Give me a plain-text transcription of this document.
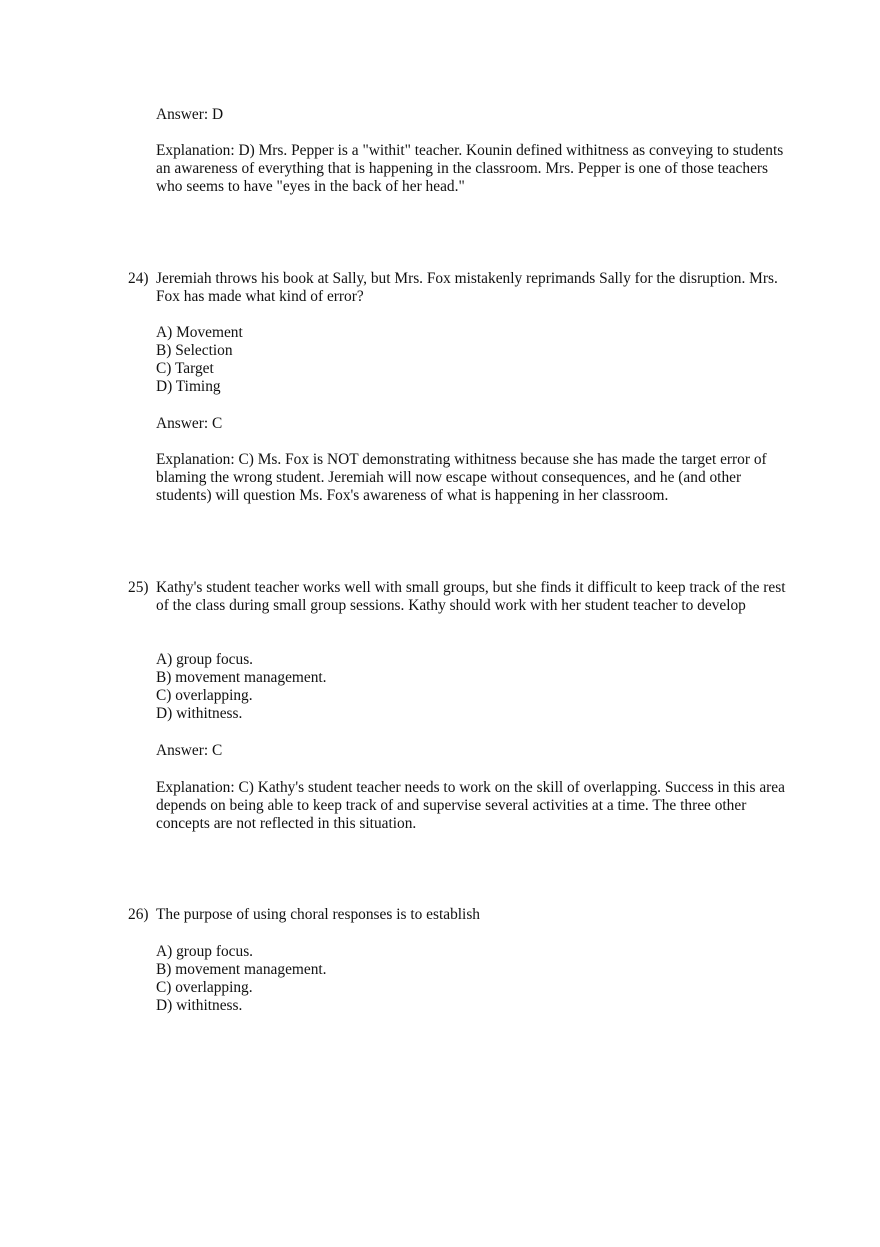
Answer: D

Explanation: D) Mrs. Pepper is a "withit" teacher. Kounin defined withitness as conveying to students an awareness of everything that is happening in the classroom. Mrs. Pepper is one of those teachers who seems to have "eyes in the back of her head."

24) Jeremiah throws his book at Sally, but Mrs. Fox mistakenly reprimands Sally for the disruption. Mrs. Fox has made what kind of error?
A) Movement
B) Selection
C) Target
D) Timing

Answer: C

Explanation: C) Ms. Fox is NOT demonstrating withitness because she has made the target error of blaming the wrong student. Jeremiah will now escape without consequences, and he (and other students) will question Ms. Fox's awareness of what is happening in her classroom.

25) Kathy's student teacher works well with small groups, but she finds it difficult to keep track of the rest of the class during small group sessions. Kathy should work with her student teacher to develop
A) group focus.
B) movement management.
C) overlapping.
D) withitness.

Answer: C

Explanation: C) Kathy's student teacher needs to work on the skill of overlapping. Success in this area depends on being able to keep track of and supervise several activities at a time. The three other concepts are not reflected in this situation.

26) The purpose of using choral responses is to establish
A) group focus.
B) movement management.
C) overlapping.
D) withitness.
